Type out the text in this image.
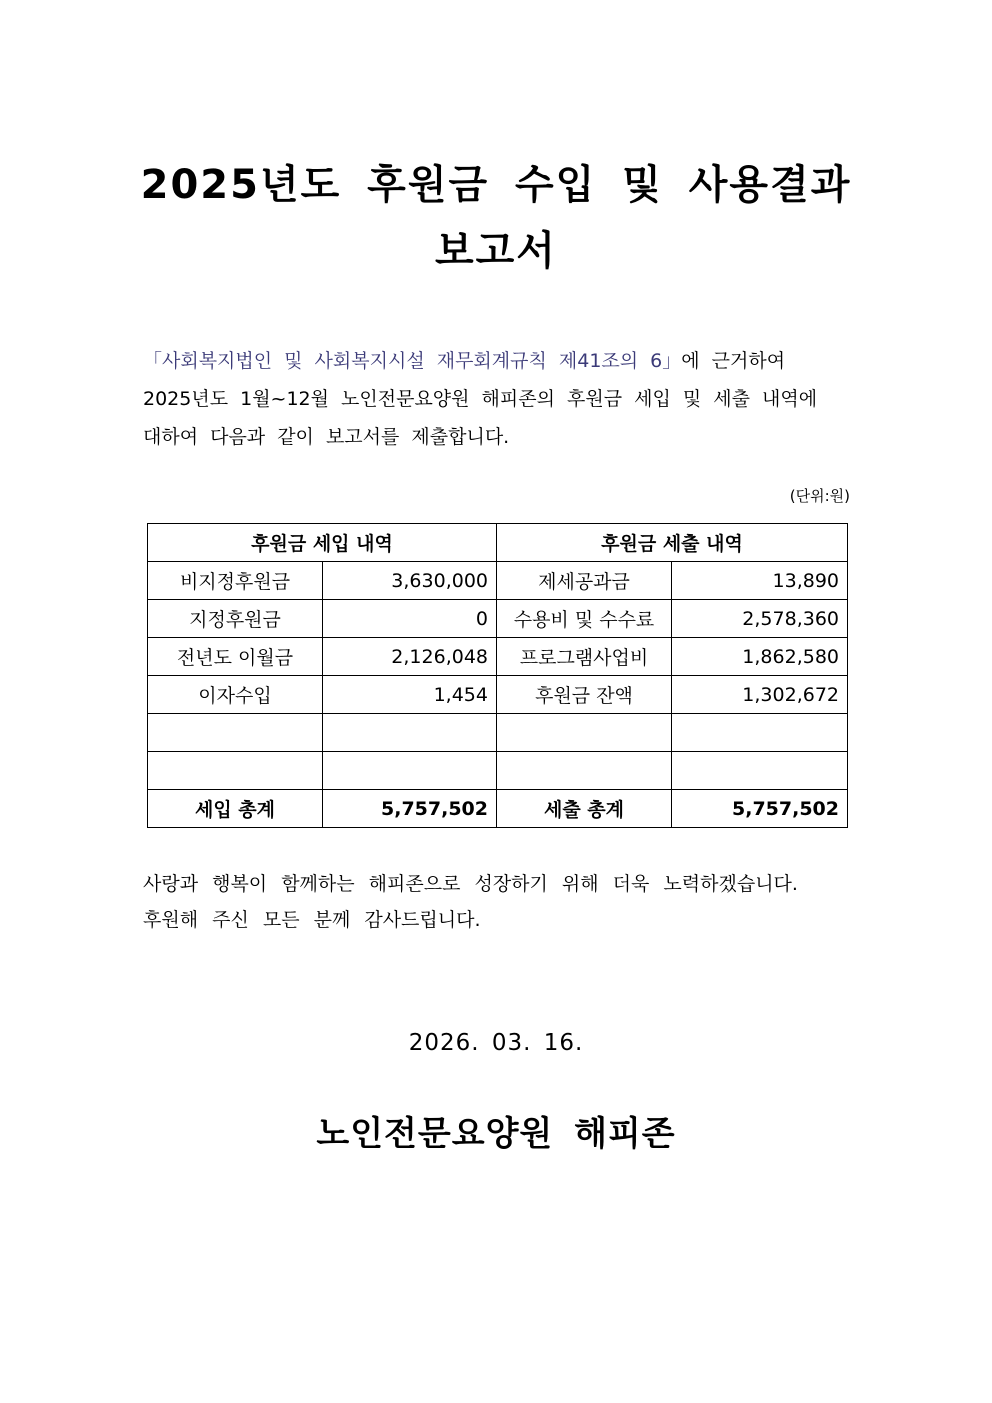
2025년도 후원금 수입 및 사용결과
보고서
「사회복지법인 및 사회복지시설 재무회계규칙 제41조의 6」에 근거하여
2025년도 1월~12월 노인전문요양원 해피존의 후원금 세입 및 세출 내역에
대하여 다음과 같이 보고서를 제출합니다.
(단위:원)
후원금 세입 내역		후원금 세출 내역	
비지정후원금	3,630,000	제세공과금	13,890
지정후원금	0	수용비 및 수수료	2,578,360
전년도 이월금	2,126,048	프로그램사업비	1,862,580
이자수입	1,454	후원금 잔액	1,302,672

세입 총계	5,757,502	세출 총계	5,757,502
사랑과 행복이 함께하는 해피존으로 성장하기 위해 더욱 노력하겠습니다.
후원해 주신 모든 분께 감사드립니다.
2026. 03. 16.
노인전문요양원 해피존
